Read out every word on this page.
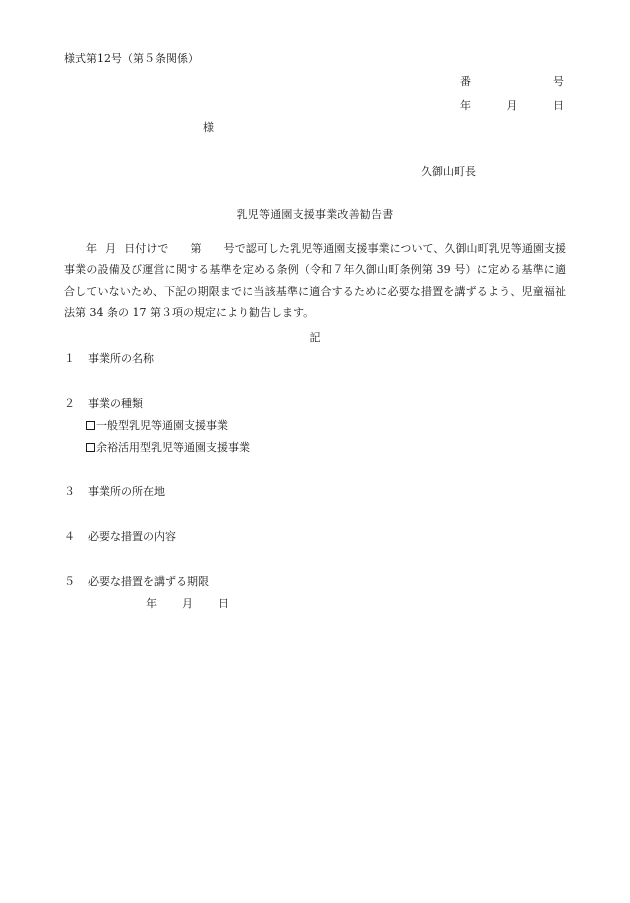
様式第12号（第５条関係）
番	号
年	月	日
様
久御山町長
乳児等通園支援事業改善勧告書
年 月 日付けで 第 号で認可した乳児等通園支援事業について、久御山町乳児等通園支援事業の設備及び運営に関する基準を定める条例（令和７年久御山町条例第 39 号）に定める基準に適合していないため、下記の期限までに当該基準に適合するために必要な措置を講ずるよう、児童福祉法第 34 条の 17 第３項の規定により勧告します。
記
１	事業所の名称
２	事業の種類
一般型乳児等通園支援事業
余裕活用型乳児等通園支援事業
３	事業所の所在地
４	必要な措置の内容
５	必要な措置を講ずる期限
年	月	日
